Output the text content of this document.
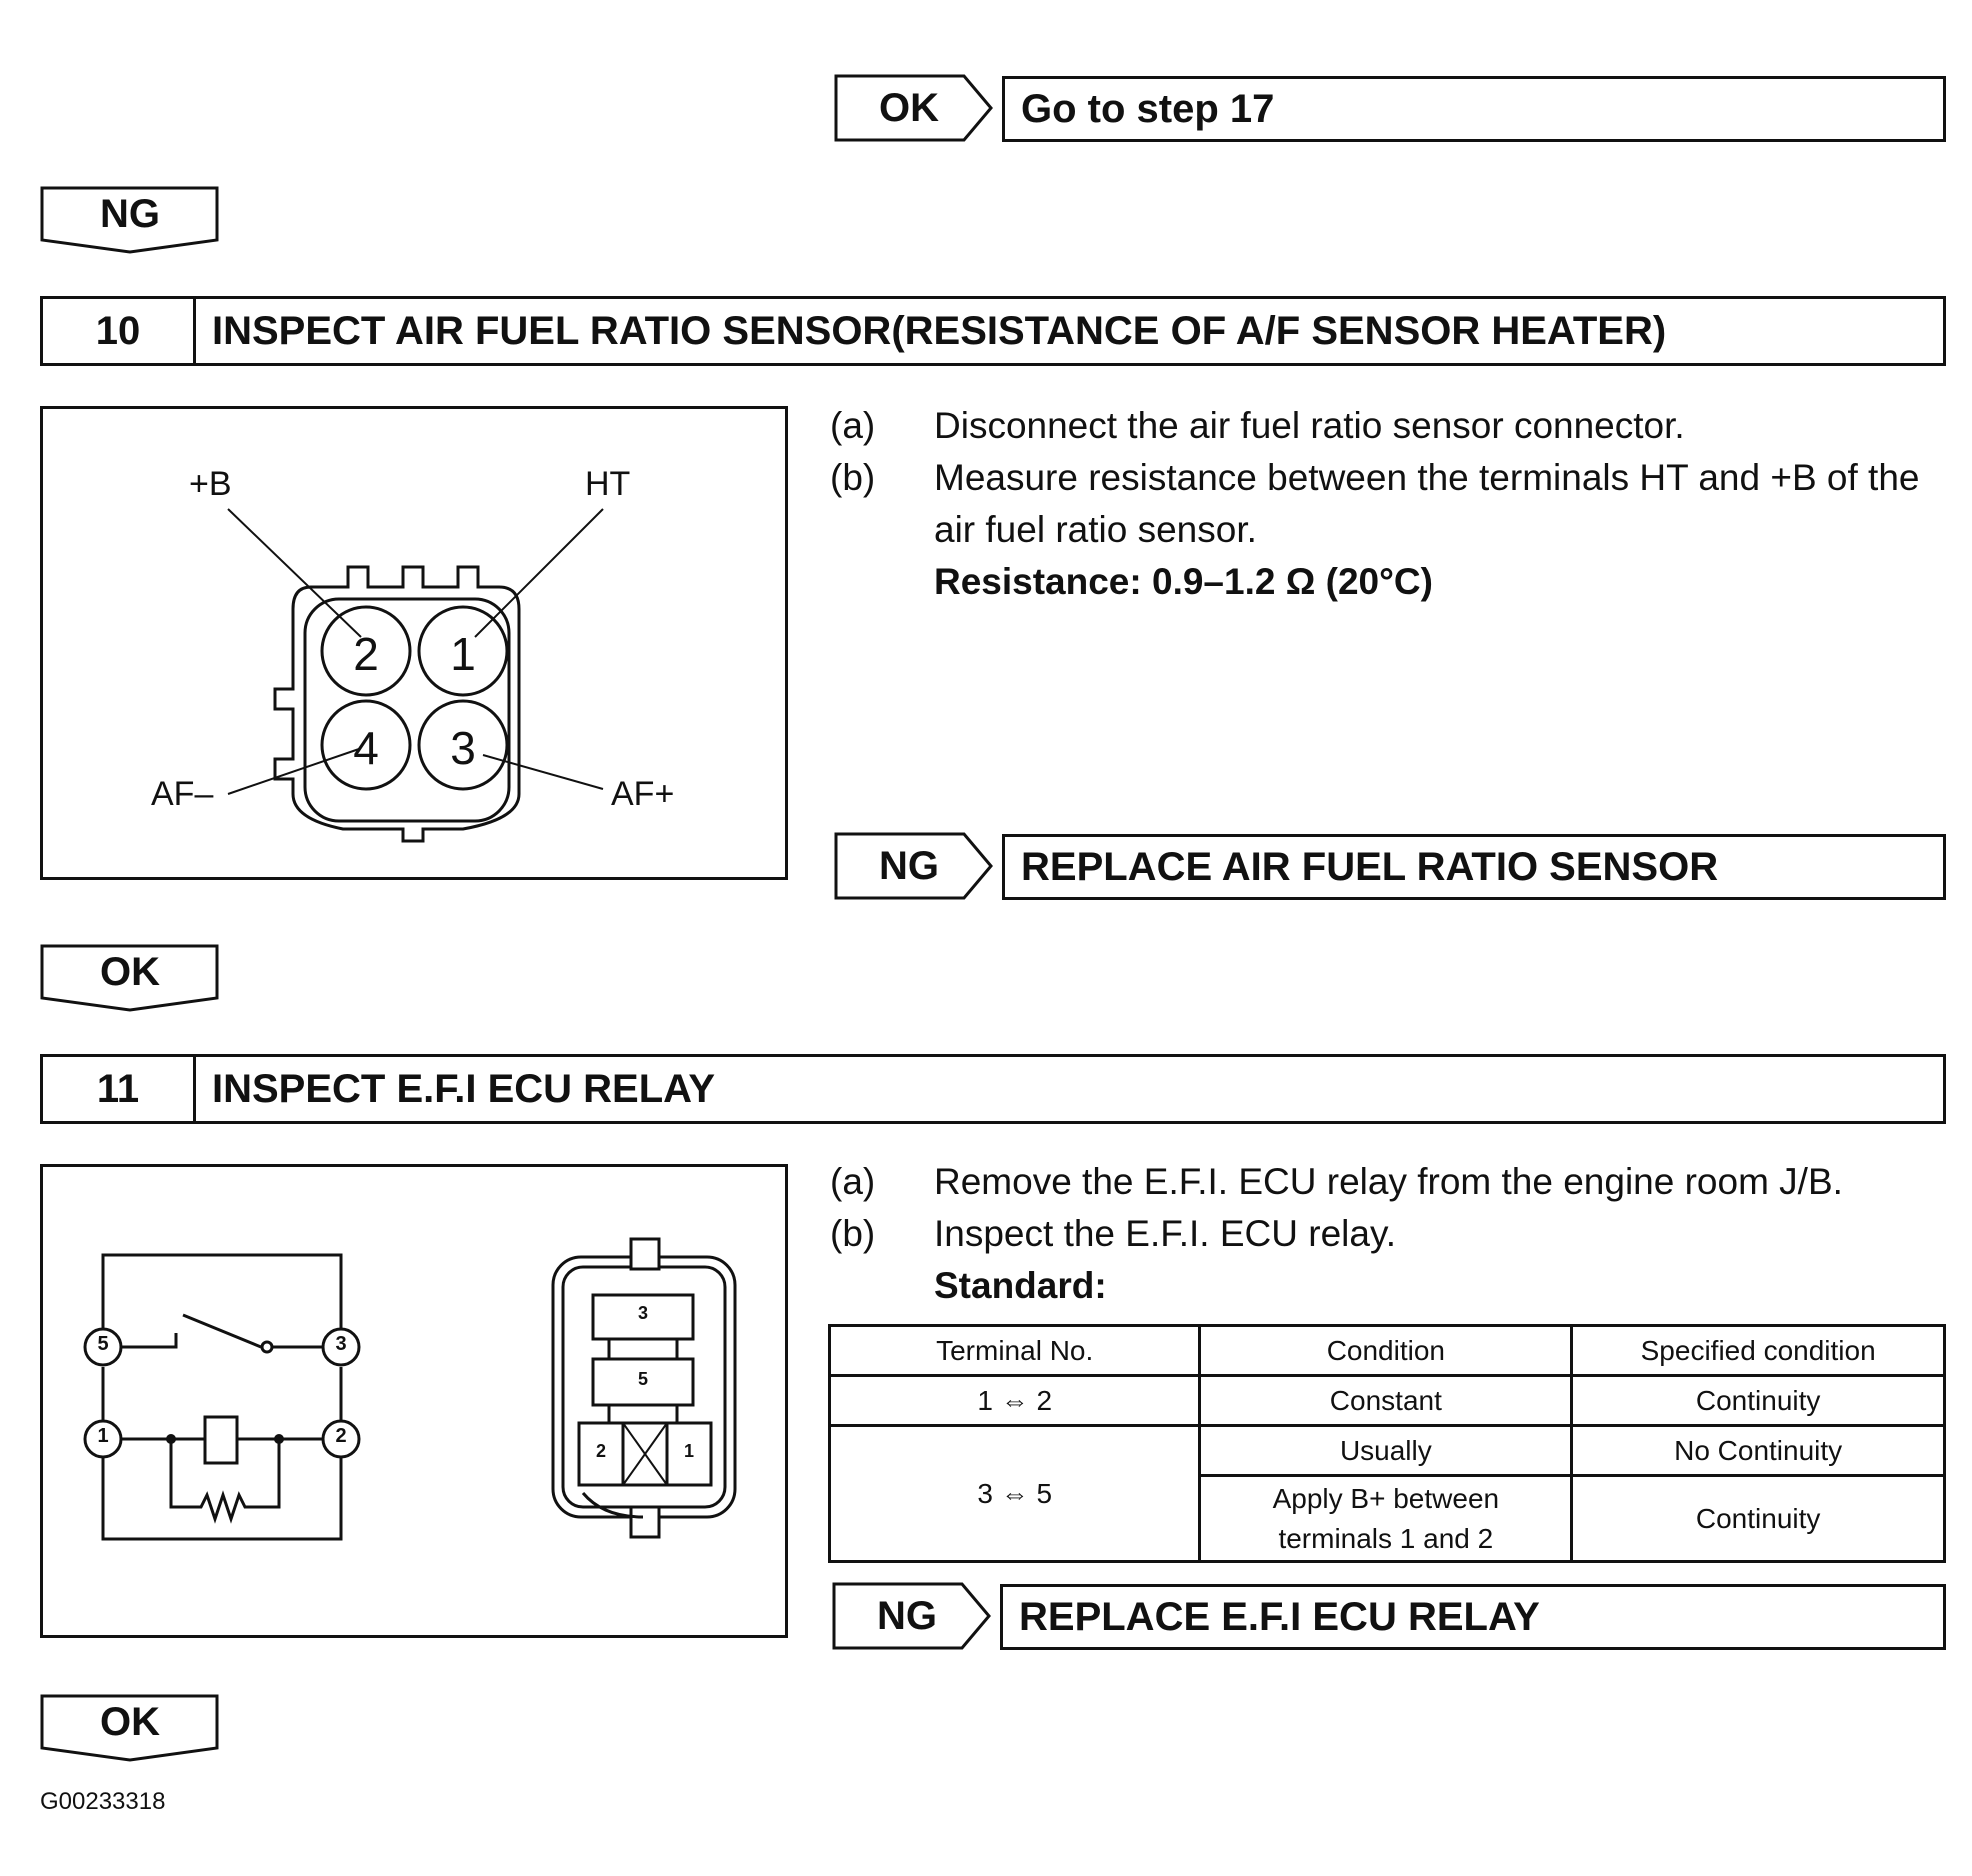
OK	Go to step 17
NG
10	INSPECT AIR FUEL RATIO SENSOR(RESISTANCE OF A/F SENSOR HEATER)
+B	HT
AF–	AF+
2	1
4	3
(a)	Disconnect the air fuel ratio sensor connector.
(b)	Measure resistance between the terminals HT and +B of the air fuel ratio sensor.
Resistance: 0.9–1.2 Ω (20°C)
NG	REPLACE AIR FUEL RATIO SENSOR
OK
11	INSPECT E.F.I ECU RELAY
5	3
1	2
3
5
2	1
(a)	Remove the E.F.I. ECU relay from the engine room J/B.
(b)	Inspect the E.F.I. ECU relay.
Standard:
Terminal No.	Condition	Specified condition
1 ⇔ 2	Constant	Continuity
3 ⇔ 5	Usually	No Continuity
	Apply B+ between terminals 1 and 2	Continuity
NG	REPLACE E.F.I ECU RELAY
OK
G00233318
